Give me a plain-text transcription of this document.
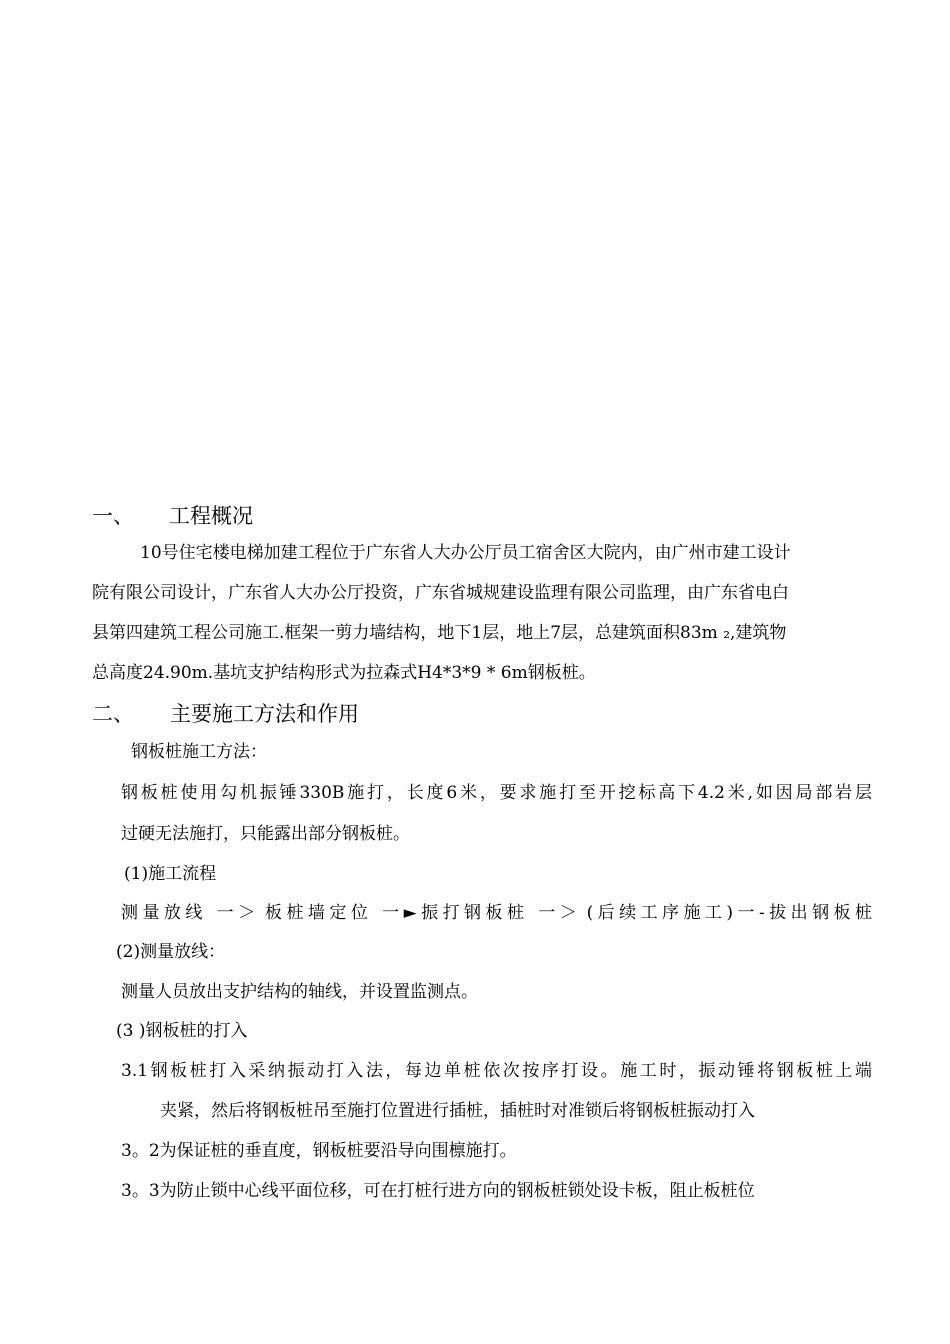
一、 工程概况
10号住宅楼电梯加建工程位于广东省人大办公厅员工宿舍区大院内，由广州市建工设计
院有限公司设计，广东省人大办公厅投资，广东省城规建设监理有限公司监理，由广东省电白
县第四建筑工程公司施工.框架一剪力墙结构，地下1层，地上7层，总建筑面积83m ₂,建筑物
总高度24.90m.基坑支护结构形式为拉森式H4*3*9 * 6m钢板桩。
二、 主要施工方法和作用
钢板桩施工方法：
钢板桩使用勾机振锤330B施打，长度6米，要求施打至开挖标高下4.2米,如因局部岩层
过硬无法施打，只能露出部分钢板桩。
(1)施工流程
测量放线 一＞ 板桩墙定位 一►振打钢板桩 一＞ (后续工序施工)一-拔出钢板桩
(2)测量放线：
测量人员放出支护结构的轴线，并设置监测点。
(3 )钢板桩的打入
3.1钢板桩打入采纳振动打入法，每边单桩依次按序打设。施工时，振动锤将钢板桩上端
夹紧，然后将钢板桩吊至施打位置进行插桩，插桩时对准锁后将钢板桩振动打入
3。2为保证桩的垂直度，钢板桩要沿导向围檩施打。
3。3为防止锁中心线平面位移，可在打桩行进方向的钢板桩锁处设卡板，阻止板桩位
